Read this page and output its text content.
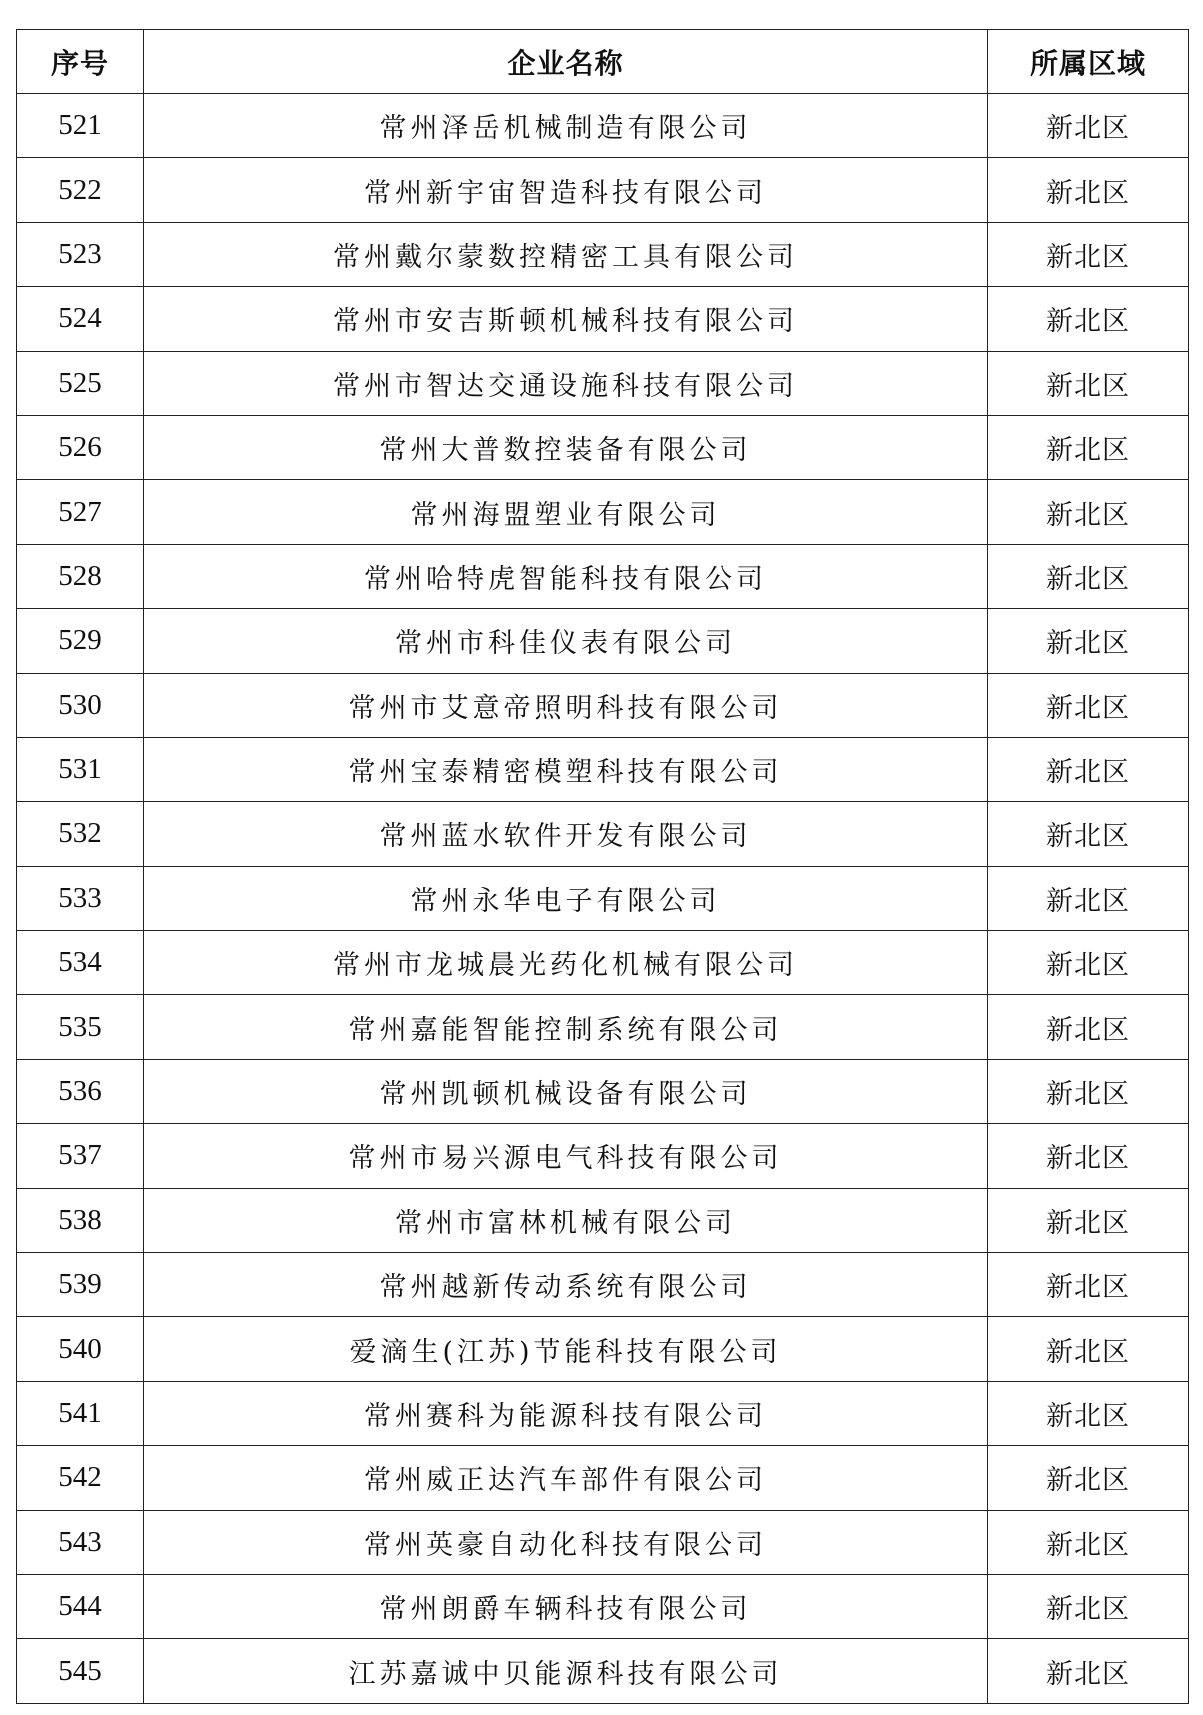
序号	企业名称	所属区域
521	常州泽岳机械制造有限公司	新北区
522	常州新宇宙智造科技有限公司	新北区
523	常州戴尔蒙数控精密工具有限公司	新北区
524	常州市安吉斯顿机械科技有限公司	新北区
525	常州市智达交通设施科技有限公司	新北区
526	常州大普数控装备有限公司	新北区
527	常州海盟塑业有限公司	新北区
528	常州哈特虎智能科技有限公司	新北区
529	常州市科佳仪表有限公司	新北区
530	常州市艾意帝照明科技有限公司	新北区
531	常州宝泰精密模塑科技有限公司	新北区
532	常州蓝水软件开发有限公司	新北区
533	常州永华电子有限公司	新北区
534	常州市龙城晨光药化机械有限公司	新北区
535	常州嘉能智能控制系统有限公司	新北区
536	常州凯顿机械设备有限公司	新北区
537	常州市易兴源电气科技有限公司	新北区
538	常州市富林机械有限公司	新北区
539	常州越新传动系统有限公司	新北区
540	爱滴生(江苏)节能科技有限公司	新北区
541	常州赛科为能源科技有限公司	新北区
542	常州威正达汽车部件有限公司	新北区
543	常州英豪自动化科技有限公司	新北区
544	常州朗爵车辆科技有限公司	新北区
545	江苏嘉诚中贝能源科技有限公司	新北区
